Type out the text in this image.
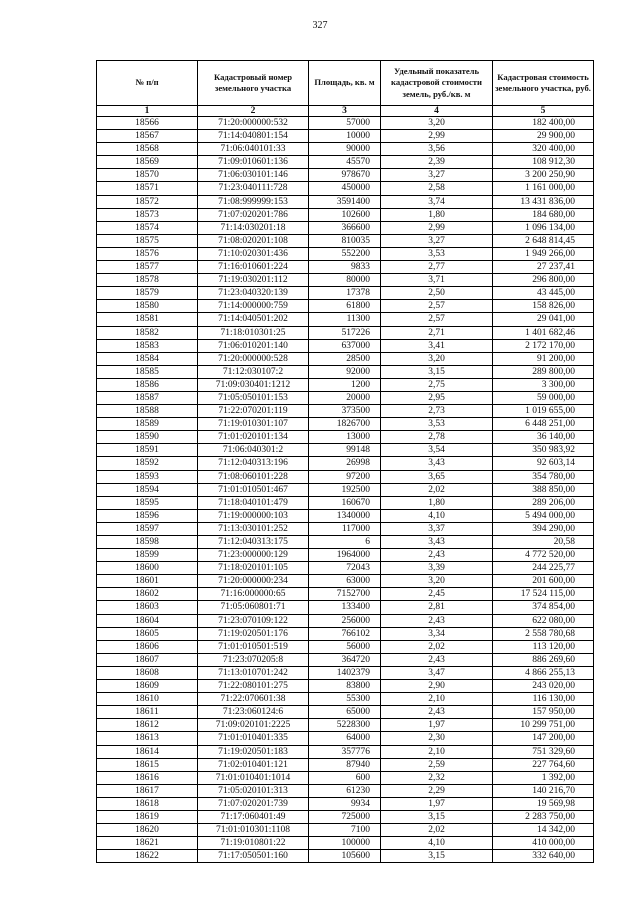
327
№ п/п	Кадастровый номер земельного участка	Площадь, кв. м	Удельный показатель кадастровой стоимости земель, руб./кв. м	Кадастровая стоимость земельного участка, руб.
1	2	3	4	5
18566	71:20:000000:532	57000	3,20	182 400,00
18567	71:14:040801:154	10000	2,99	29 900,00
18568	71:06:040101:33	90000	3,56	320 400,00
18569	71:09:010601:136	45570	2,39	108 912,30
18570	71:06:030101:146	978670	3,27	3 200 250,90
18571	71:23:040111:728	450000	2,58	1 161 000,00
18572	71:08:999999:153	3591400	3,74	13 431 836,00
18573	71:07:020201:786	102600	1,80	184 680,00
18574	71:14:030201:18	366600	2,99	1 096 134,00
18575	71:08:020201:108	810035	3,27	2 648 814,45
18576	71:10:020301:436	552200	3,53	1 949 266,00
18577	71:16:010601:224	9833	2,77	27 237,41
18578	71:19:030201:112	80000	3,71	296 800,00
18579	71:23:040320:139	17378	2,50	43 445,00
18580	71:14:000000:759	61800	2,57	158 826,00
18581	71:14:040501:202	11300	2,57	29 041,00
18582	71:18:010301:25	517226	2,71	1 401 682,46
18583	71:06:010201:140	637000	3,41	2 172 170,00
18584	71:20:000000:528	28500	3,20	91 200,00
18585	71:12:030107:2	92000	3,15	289 800,00
18586	71:09:030401:1212	1200	2,75	3 300,00
18587	71:05:050101:153	20000	2,95	59 000,00
18588	71:22:070201:119	373500	2,73	1 019 655,00
18589	71:19:010301:107	1826700	3,53	6 448 251,00
18590	71:01:020101:134	13000	2,78	36 140,00
18591	71:06:040301:2	99148	3,54	350 983,92
18592	71:12:040313:196	26998	3,43	92 603,14
18593	71:08:060101:228	97200	3,65	354 780,00
18594	71:01:010501:467	192500	2,02	388 850,00
18595	71:18:040101:479	160670	1,80	289 206,00
18596	71:19:000000:103	1340000	4,10	5 494 000,00
18597	71:13:030101:252	117000	3,37	394 290,00
18598	71:12:040313:175	6	3,43	20,58
18599	71:23:000000:129	1964000	2,43	4 772 520,00
18600	71:18:020101:105	72043	3,39	244 225,77
18601	71:20:000000:234	63000	3,20	201 600,00
18602	71:16:000000:65	7152700	2,45	17 524 115,00
18603	71:05:060801:71	133400	2,81	374 854,00
18604	71:23:070109:122	256000	2,43	622 080,00
18605	71:19:020501:176	766102	3,34	2 558 780,68
18606	71:01:010501:519	56000	2,02	113 120,00
18607	71:23:070205:8	364720	2,43	886 269,60
18608	71:13:010701:242	1402379	3,47	4 866 255,13
18609	71:22:080101:275	83800	2,90	243 020,00
18610	71:22:070601:38	55300	2,10	116 130,00
18611	71:23:060124:6	65000	2,43	157 950,00
18612	71:09:020101:2225	5228300	1,97	10 299 751,00
18613	71:01:010401:335	64000	2,30	147 200,00
18614	71:19:020501:183	357776	2,10	751 329,60
18615	71:02:010401:121	87940	2,59	227 764,60
18616	71:01:010401:1014	600	2,32	1 392,00
18617	71:05:020101:313	61230	2,29	140 216,70
18618	71:07:020201:739	9934	1,97	19 569,98
18619	71:17:060401:49	725000	3,15	2 283 750,00
18620	71:01:010301:1108	7100	2,02	14 342,00
18621	71:19:010801:22	100000	4,10	410 000,00
18622	71:17:050501:160	105600	3,15	332 640,00
